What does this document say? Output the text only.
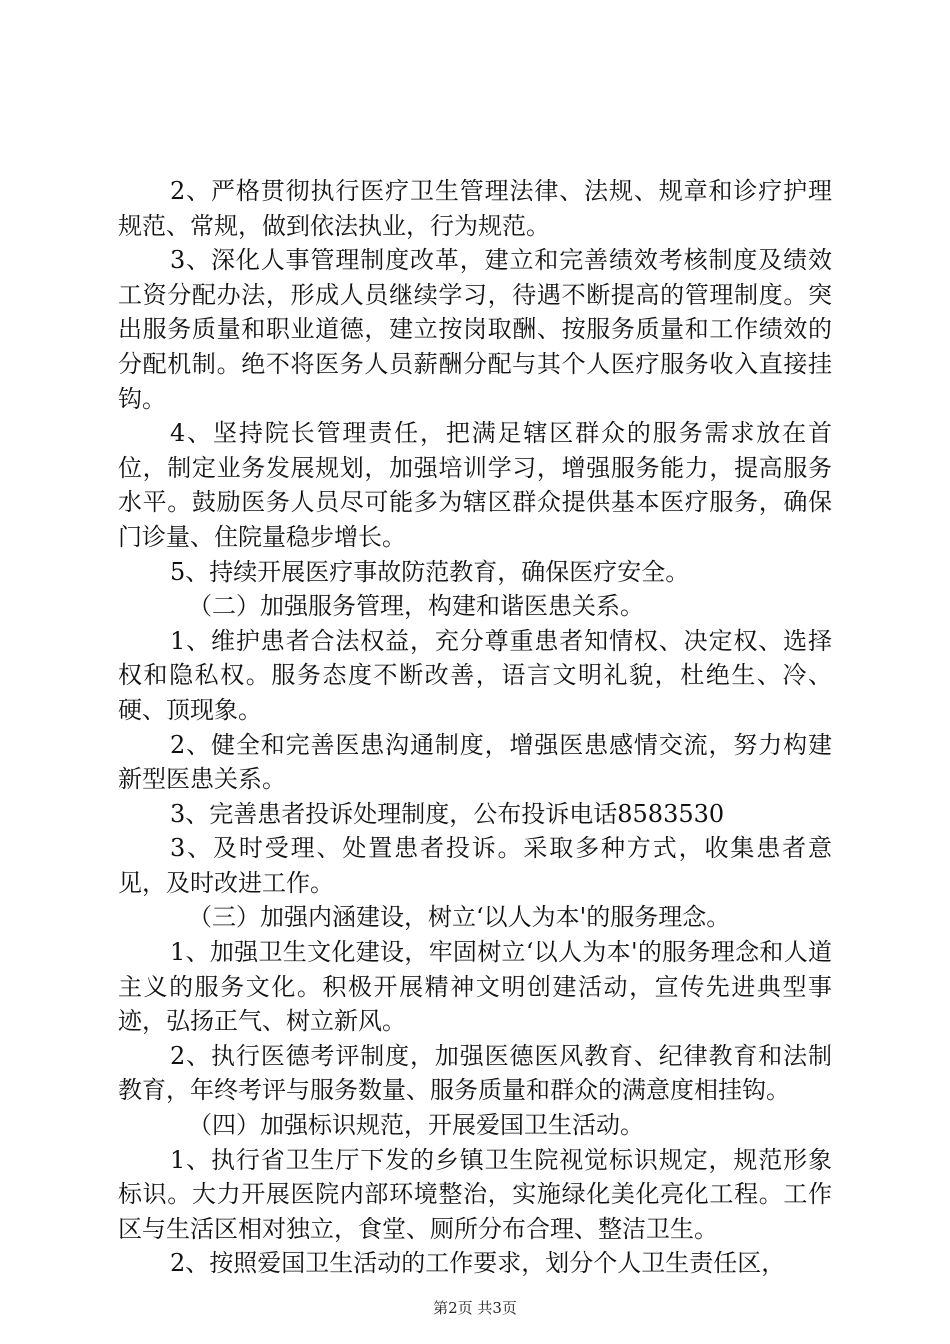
2、严格贯彻执行医疗卫生管理法律、法规、规章和诊疗护理规范、常规，做到依法执业，行为规范。

3、深化人事管理制度改革，建立和完善绩效考核制度及绩效工资分配办法，形成人员继续学习，待遇不断提高的管理制度。突出服务质量和职业道德，建立按岗取酬、按服务质量和工作绩效的分配机制。绝不将医务人员薪酬分配与其个人医疗服务收入直接挂钩。

4、坚持院长管理责任，把满足辖区群众的服务需求放在首位，制定业务发展规划，加强培训学习，增强服务能力，提高服务水平。鼓励医务人员尽可能多为辖区群众提供基本医疗服务，确保门诊量、住院量稳步增长。

5、持续开展医疗事故防范教育，确保医疗安全。

（二）加强服务管理，构建和谐医患关系。

1、维护患者合法权益，充分尊重患者知情权、决定权、选择权和隐私权。服务态度不断改善，语言文明礼貌，杜绝生、冷、硬、顶现象。

2、健全和完善医患沟通制度，增强医患感情交流，努力构建新型医患关系。

3、完善患者投诉处理制度，公布投诉电话8583530

3、及时受理、处置患者投诉。采取多种方式，收集患者意见，及时改进工作。

（三）加强内涵建设，树立‘以人为本'的服务理念。

1、加强卫生文化建设，牢固树立‘以人为本'的服务理念和人道主义的服务文化。积极开展精神文明创建活动，宣传先进典型事迹，弘扬正气、树立新风。

2、执行医德考评制度，加强医德医风教育、纪律教育和法制教育，年终考评与服务数量、服务质量和群众的满意度相挂钩。

（四）加强标识规范，开展爱国卫生活动。

1、执行省卫生厅下发的乡镇卫生院视觉标识规定，规范形象标识。大力开展医院内部环境整治，实施绿化美化亮化工程。工作区与生活区相对独立，食堂、厕所分布合理、整洁卫生。

2、按照爱国卫生活动的工作要求，划分个人卫生责任区，

第2页 共3页
